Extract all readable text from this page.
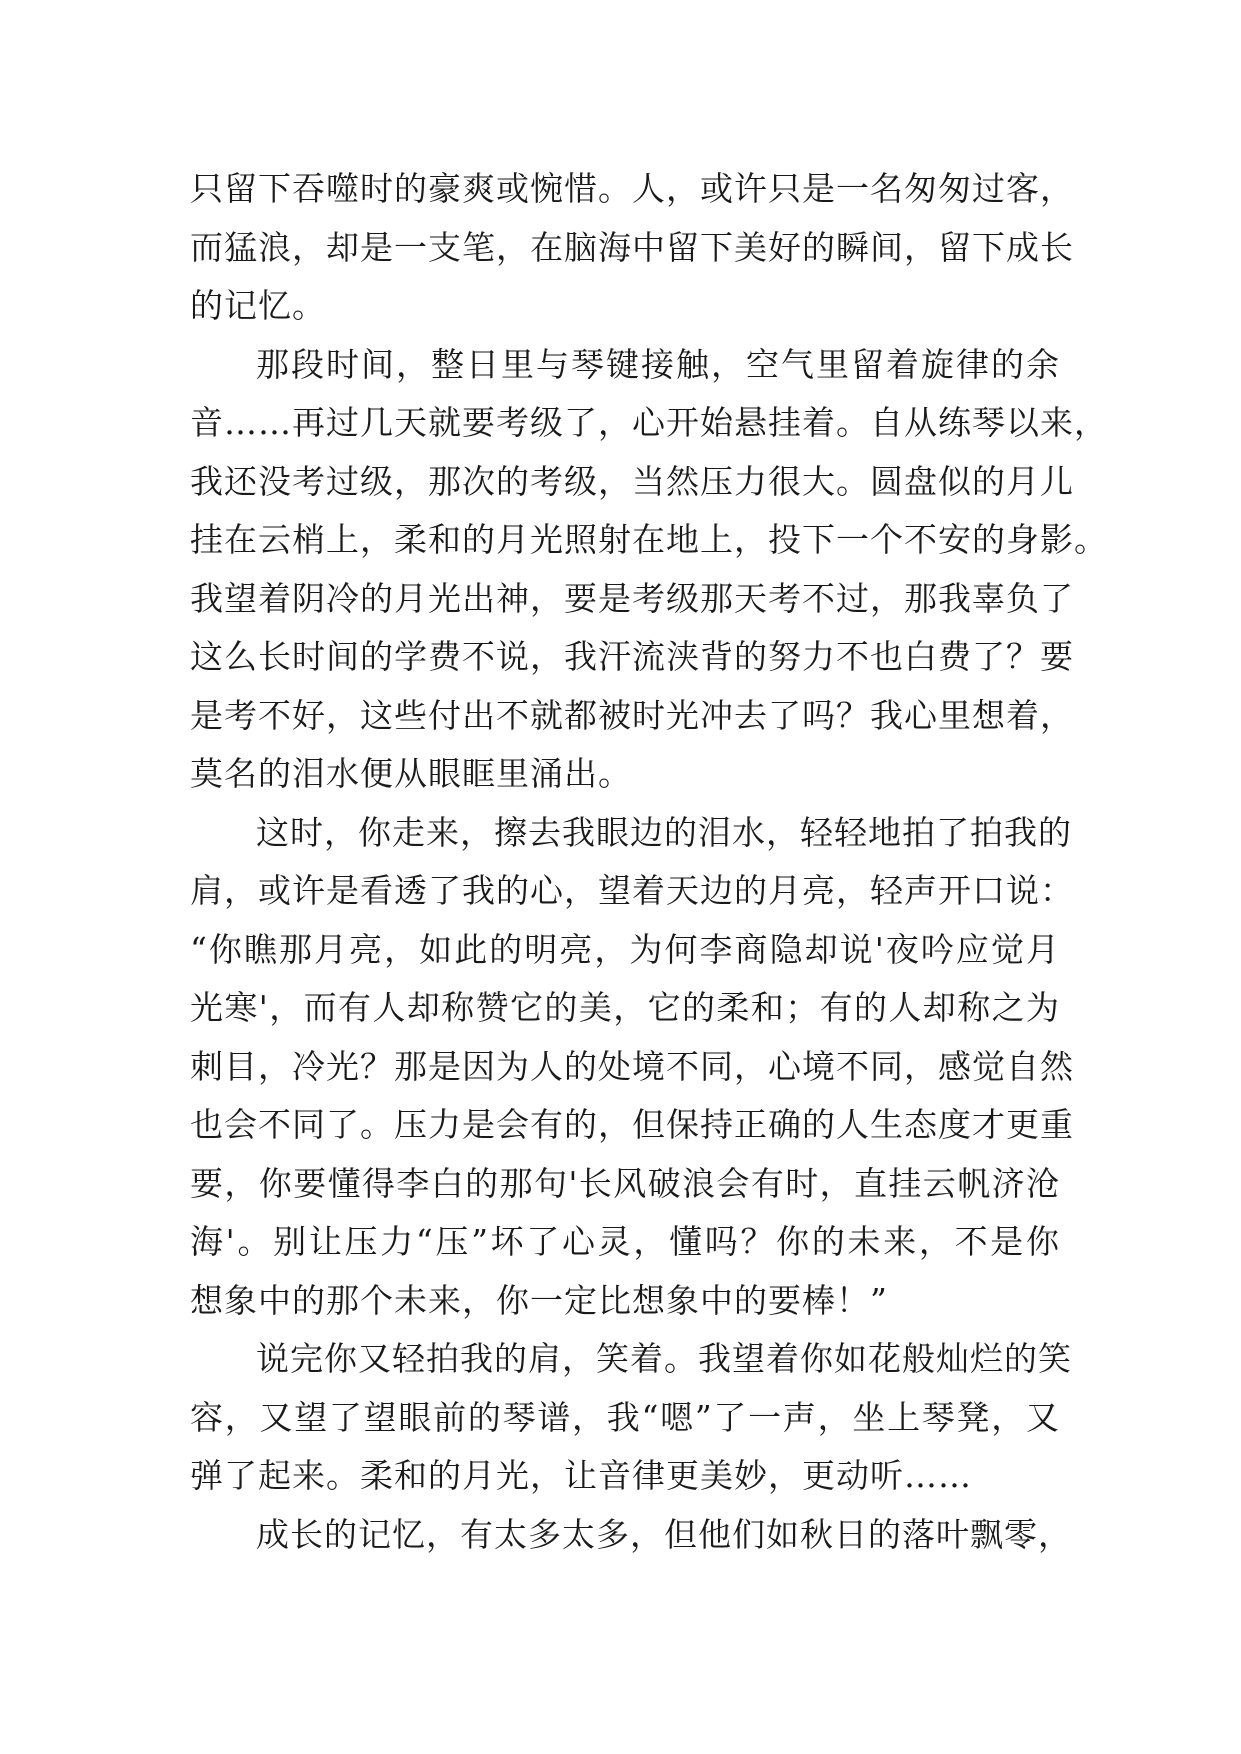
只留下吞噬时的豪爽或惋惜。人，或许只是一名匆匆过客，
而猛浪，却是一支笔，在脑海中留下美好的瞬间，留下成长
的记忆。
那段时间，整日里与琴键接触，空气里留着旋律的余
音……再过几天就要考级了，心开始悬挂着。自从练琴以来，
我还没考过级，那次的考级，当然压力很大。圆盘似的月儿
挂在云梢上，柔和的月光照射在地上，投下一个不安的身影。
我望着阴冷的月光出神，要是考级那天考不过，那我辜负了
这么长时间的学费不说，我汗流浃背的努力不也白费了？要
是考不好，这些付出不就都被时光冲去了吗？我心里想着，
莫名的泪水便从眼眶里涌出。
这时，你走来，擦去我眼边的泪水，轻轻地拍了拍我的
肩，或许是看透了我的心，望着天边的月亮，轻声开口说：
“你瞧那月亮，如此的明亮，为何李商隐却说'夜吟应觉月
光寒'，而有人却称赞它的美，它的柔和；有的人却称之为
刺目，冷光？那是因为人的处境不同，心境不同，感觉自然
也会不同了。压力是会有的，但保持正确的人生态度才更重
要，你要懂得李白的那句'长风破浪会有时，直挂云帆济沧
海'。别让压力“压”坏了心灵，懂吗？你的未来，不是你
想象中的那个未来，你一定比想象中的要棒！”
说完你又轻拍我的肩，笑着。我望着你如花般灿烂的笑
容，又望了望眼前的琴谱，我“嗯”了一声，坐上琴凳，又
弹了起来。柔和的月光，让音律更美妙，更动听……
成长的记忆，有太多太多，但他们如秋日的落叶飘零，
